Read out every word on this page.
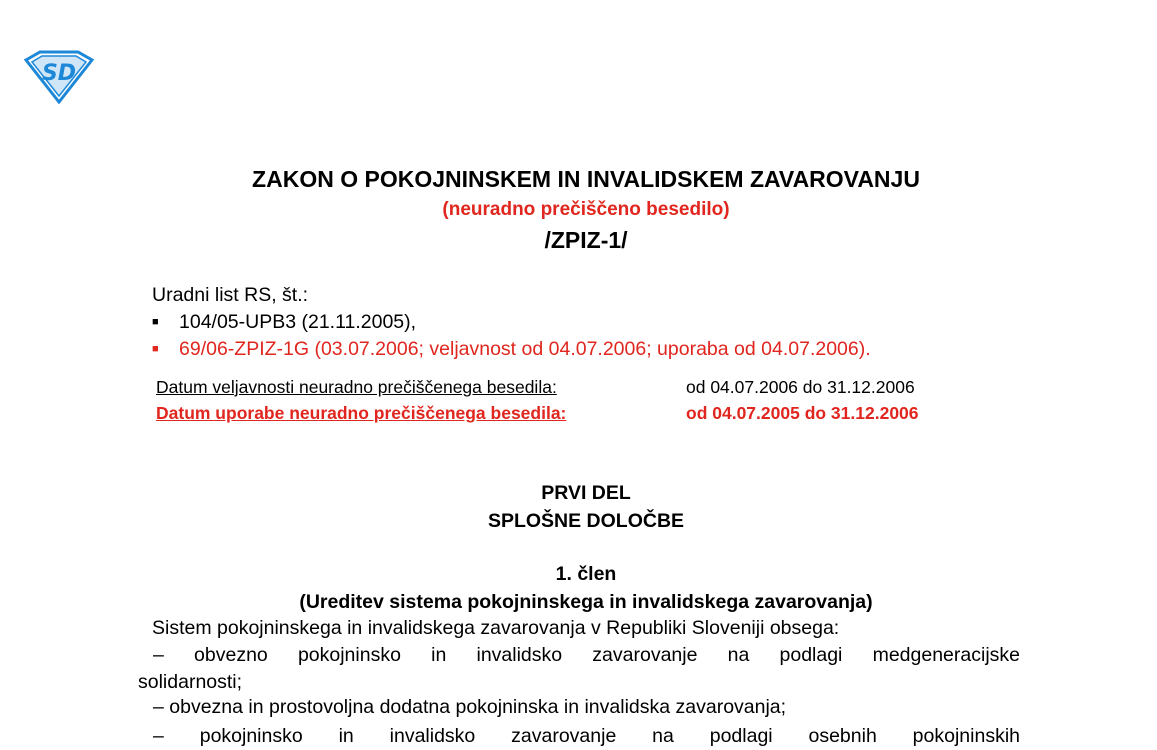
SD
ZAKON O POKOJNINSKEM IN INVALIDSKEM ZAVAROVANJU
(neuradno prečiščeno besedilo)
/ZPIZ-1/
Uradni list RS, št.:
■	104/05-UPB3 (21.11.2005),
■	69/06-ZPIZ-1G (03.07.2006; veljavnost od 04.07.2006; uporaba od 04.07.2006).
Datum veljavnosti neuradno prečiščenega besedila:	od 04.07.2006 do 31.12.2006
Datum uporabe neuradno prečiščenega besedila:	od 04.07.2005 do 31.12.2006
PRVI DEL
SPLOŠNE DOLOČBE
1. člen
(Ureditev sistema pokojninskega in invalidskega zavarovanja)
Sistem pokojninskega in invalidskega zavarovanja v Republiki Sloveniji obsega:
– obvezno pokojninsko in invalidsko zavarovanje na podlagi medgeneracijske
solidarnosti;
– obvezna in prostovoljna dodatna pokojninska in invalidska zavarovanja;
– pokojninsko in invalidsko zavarovanje na podlagi osebnih pokojninskih
